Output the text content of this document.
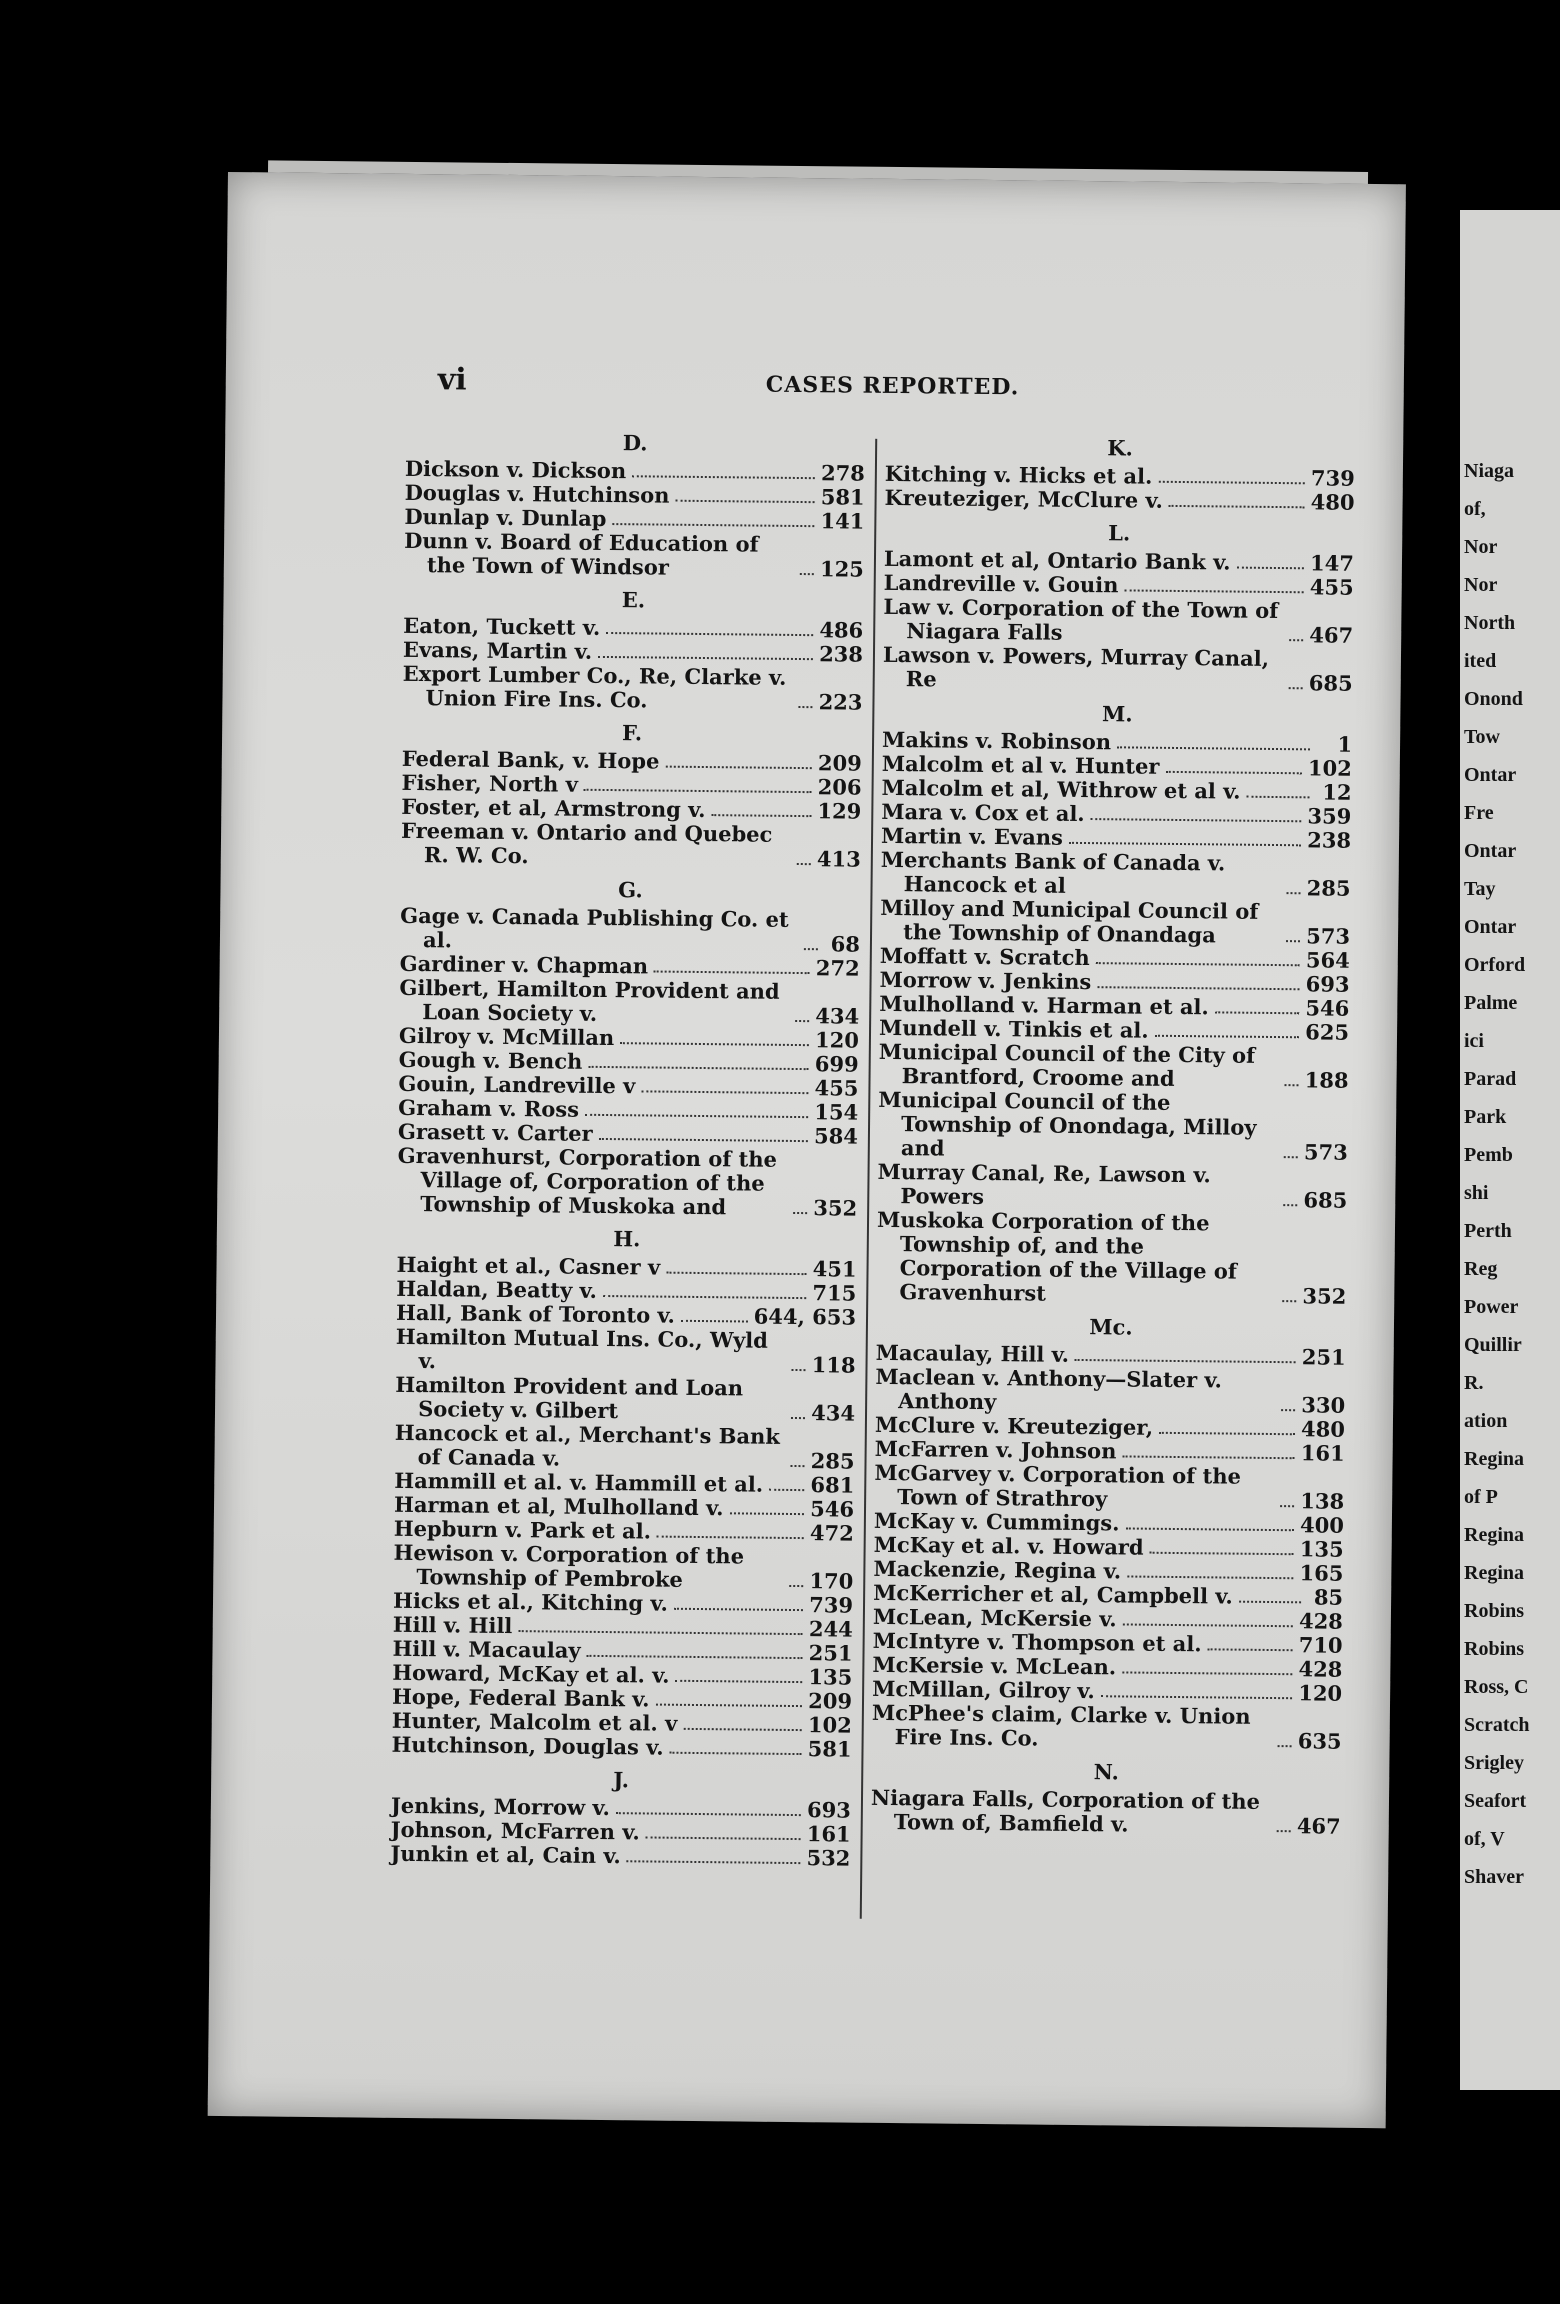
vi	CASES REPORTED.
D.
Dickson v. Dickson	278
Douglas v. Hutchinson	581
Dunlap v. Dunlap	141
Dunn v. Board of Education of the Town of Windsor	125
E.
Eaton, Tuckett v.	486
Evans, Martin v.	238
Export Lumber Co., Re, Clarke v. Union Fire Ins. Co.	223
F.
Federal Bank, v. Hope	209
Fisher, North v	206
Foster, et al, Armstrong v.	129
Freeman v. Ontario and Quebec R. W. Co.	413
G.
Gage v. Canada Publishing Co. et al.	68
Gardiner v. Chapman	272
Gilbert, Hamilton Provident and Loan Society v.	434
Gilroy v. McMillan	120
Gough v. Bench	699
Gouin, Landreville v	455
Graham v. Ross	154
Grasett v. Carter	584
Gravenhurst, Corporation of the Village of, Corporation of the Township of Muskoka and	352
H.
Haight et al., Casner v	451
Haldan, Beatty v.	715
Hall, Bank of Toronto v.	644, 653
Hamilton Mutual Ins. Co., Wyld v.	118
Hamilton Provident and Loan Society v. Gilbert	434
Hancock et al., Merchant's Bank of Canada v.	285
Hammill et al. v. Hammill et al. 681
Harman et al, Mulholland v.	546
Hepburn v. Park et al.	472
Hewison v. Corporation of the Township of Pembroke	170
Hicks et al., Kitching v.	739
Hill v. Hill	244
Hill v. Macaulay	251
Howard, McKay et al. v.	135
Hope, Federal Bank v.	209
Hunter, Malcolm et al. v	102
Hutchinson, Douglas v.	581
J.
Jenkins, Morrow v.	693
Johnson, McFarren v.	161
Junkin et al, Cain v.	532
K.
Kitching v. Hicks et al.	739
Kreuteziger, McClure v.	480
L.
Lamont et al, Ontario Bank v.	147
Landreville v. Gouin	455
Law v. Corporation of the Town of Niagara Falls	467
Lawson v. Powers, Murray Canal, Re	685
M.
Makins v. Robinson	1
Malcolm et al v. Hunter	102
Malcolm et al, Withrow et al v.	12
Mara v. Cox et al.	359
Martin v. Evans	238
Merchants Bank of Canada v. Hancock et al	285
Milloy and Municipal Council of the Township of Onandaga	573
Moffatt v. Scratch	564
Morrow v. Jenkins	693
Mulholland v. Harman et al.	546
Mundell v. Tinkis et al.	625
Municipal Council of the City of Brantford, Croome and	188
Municipal Council of the Township of Onondaga, Milloy and	573
Murray Canal, Re, Lawson v. Powers	685
Muskoka Corporation of the Township of, and the Corporation of the Village of Gravenhurst	352
Mc.
Macaulay, Hill v.	251
Maclean v. Anthony—Slater v. Anthony	330
McClure v. Kreuteziger,	480
McFarren v. Johnson	161
McGarvey v. Corporation of the Town of Strathroy	138
McKay v. Cummings.	400
McKay et al. v. Howard	135
Mackenzie, Regina v.	165
McKerricher et al, Campbell v.	85
McLean, McKersie v.	428
McIntyre v. Thompson et al.	710
McKersie v. McLean.	428
McMillan, Gilroy v.	120
McPhee's claim, Clarke v. Union Fire Ins. Co.	635
N.
Niagara Falls, Corporation of the Town of, Bamfield v.	467
Niaga
of,
Nor
Nor
North
ited
Onond
Tow
Ontar
Fre
Ontar
Tay
Ontar
Orford
Palme
ici
Parad
Park
Pemb
shi
Perth
Reg
Power
Quillir
R.
ation
Regina
of P
Regina
Regina
Robins
Robins
Ross, C
Scratch
Srigley
Seafort
of, V
Shaver
